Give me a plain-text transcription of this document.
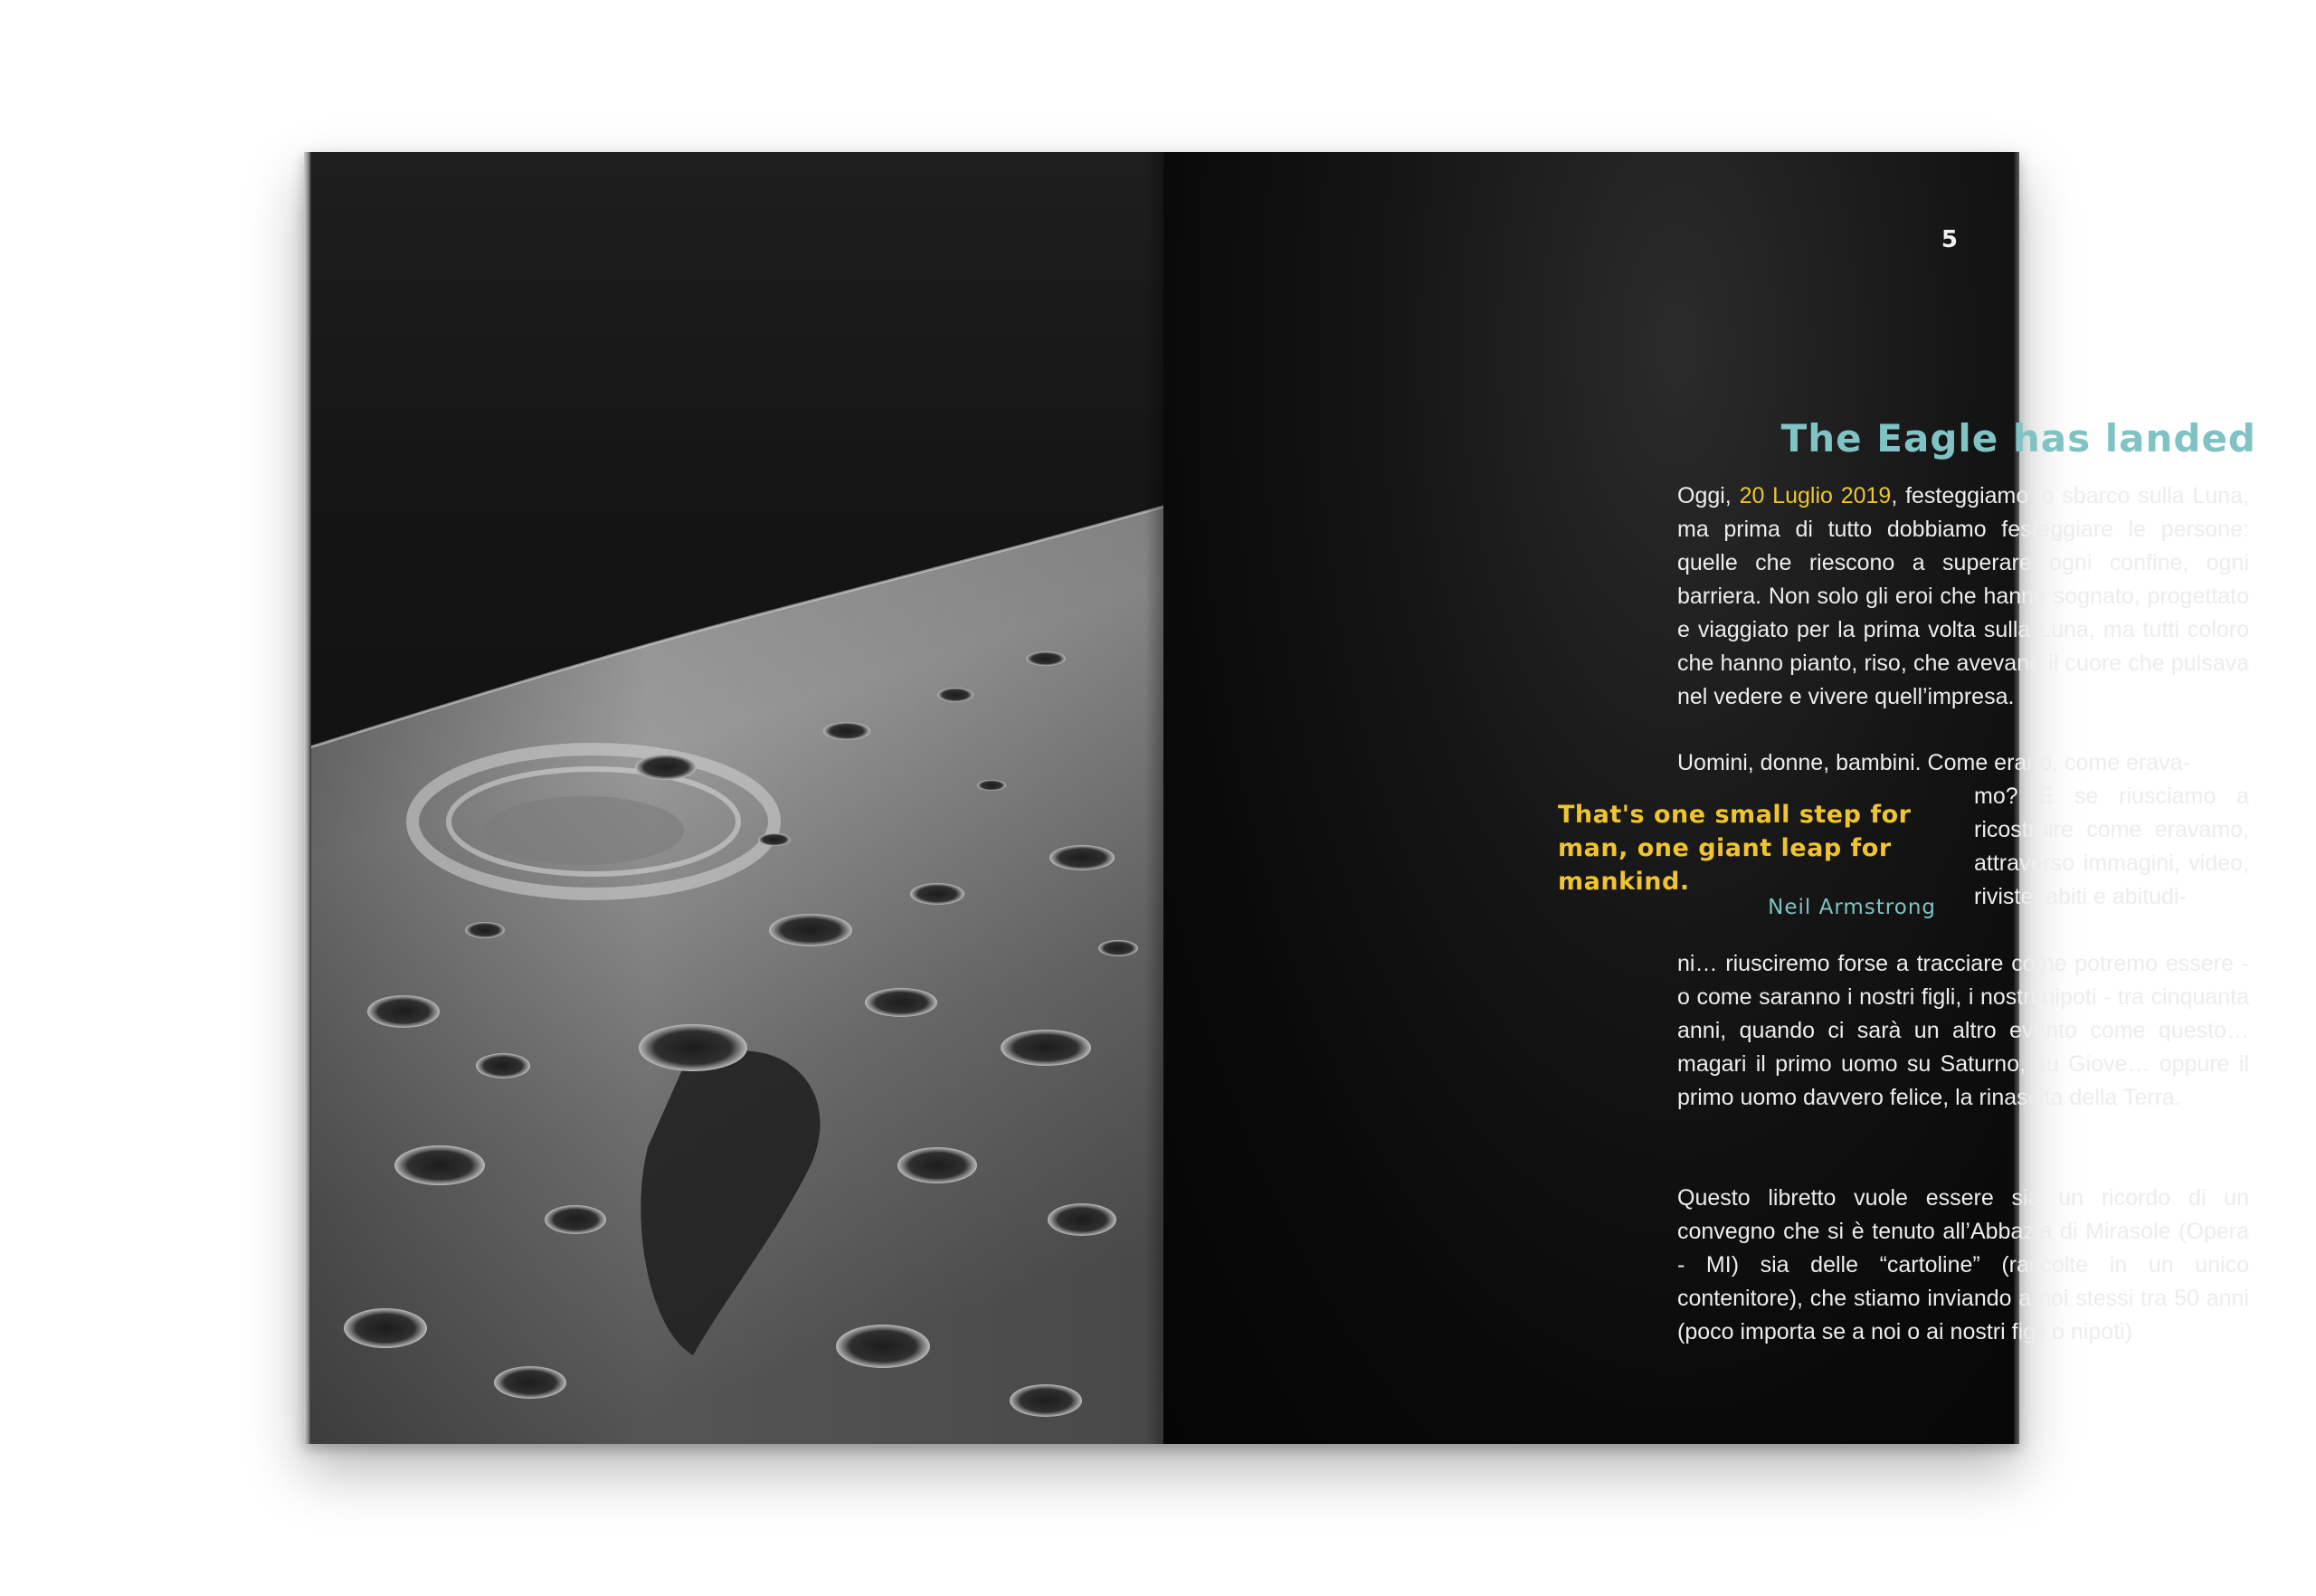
5
The Eagle has landed

Oggi, 20 Luglio 2019, festeggiamo lo sbarco sulla Luna, ma prima di tutto dobbiamo festeggiare le persone: quelle che riescono a superare ogni confine, ogni barriera. Non solo gli eroi che hanno sognato, progettato e viaggiato per la prima volta sulla Luna, ma tutti coloro che hanno pianto, riso, che avevano il cuore che pulsava nel vedere e vivere quell’impresa.

Uomini, donne, bambini. Come erano, come erava-

That's one small step for man, one giant leap for mankind.

Neil Armstrong

mo? E se riusciamo a ricostruire come eravamo, attraverso immagini, video, riviste, abiti e abitudi-

ni… riusciremo forse a tracciare come potremo essere - o come saranno i nostri figli, i nostri nipoti - tra cinquanta anni, quando ci sarà un altro evento come questo… magari il primo uomo su Saturno, su Giove… oppure il primo uomo davvero felice, la rinascita della Terra.

Questo libretto vuole essere sia un ricordo di un convegno che si è tenuto all’Abbazia di Mirasole (Opera - MI) sia delle “cartoline” (raccolte in un unico contenitore), che stiamo inviando a noi stessi tra 50 anni (poco importa se a noi o ai nostri figli o nipoti)
